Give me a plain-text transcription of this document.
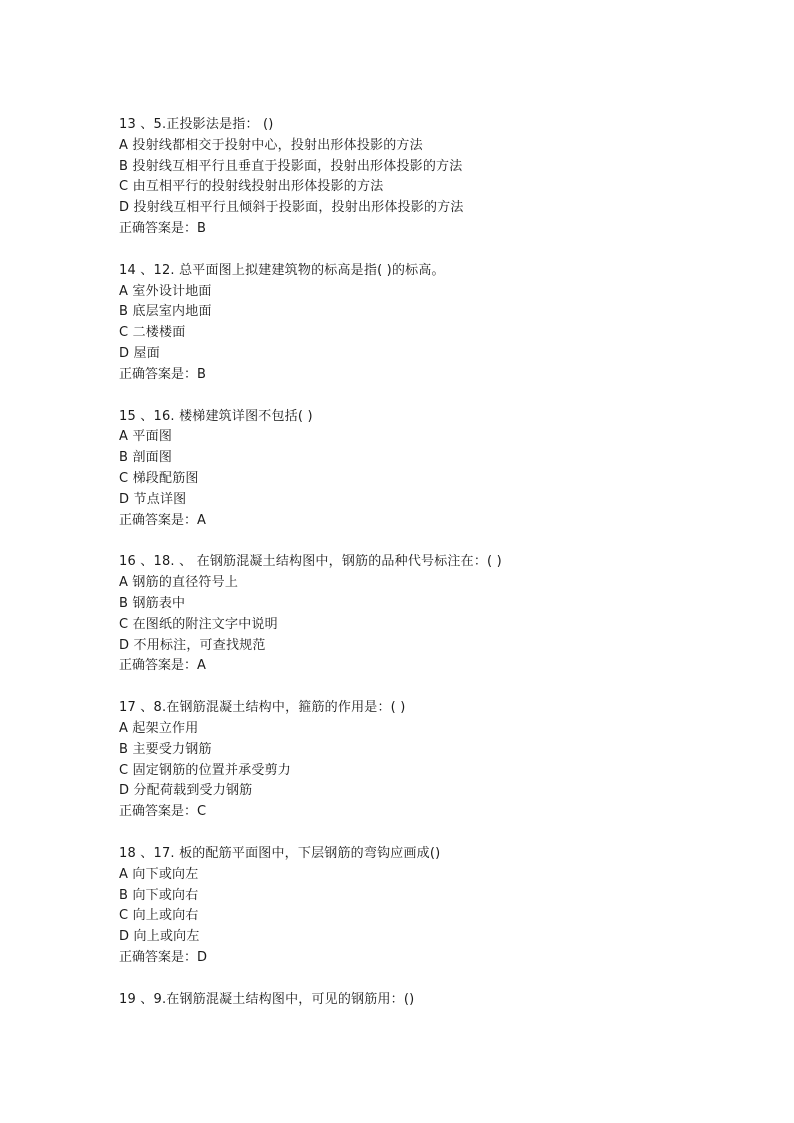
13 、5.正投影法是指： ()
A 投射线都相交于投射中心，投射出形体投影的方法
B 投射线互相平行且垂直于投影面，投射出形体投影的方法
C 由互相平行的投射线投射出形体投影的方法
D 投射线互相平行且倾斜于投影面，投射出形体投影的方法
正确答案是：B
14 、12. 总平面图上拟建建筑物的标高是指( )的标高。
A 室外设计地面
B 底层室内地面
C 二楼楼面
D 屋面
正确答案是：B
15 、16. 楼梯建筑详图不包括( )
A 平面图
B 剖面图
C 梯段配筋图
D 节点详图
正确答案是：A
16 、18. 、 在钢筋混凝土结构图中，钢筋的品种代号标注在：( )
A 钢筋的直径符号上
B 钢筋表中
C 在图纸的附注文字中说明
D 不用标注，可查找规范
正确答案是：A
17 、8.在钢筋混凝土结构中，箍筋的作用是：( )
A 起架立作用
B 主要受力钢筋
C 固定钢筋的位置并承受剪力
D 分配荷载到受力钢筋
正确答案是：C
18 、17. 板的配筋平面图中，下层钢筋的弯钩应画成()
A 向下或向左
B 向下或向右
C 向上或向右
D 向上或向左
正确答案是：D
19 、9.在钢筋混凝土结构图中，可见的钢筋用：()
